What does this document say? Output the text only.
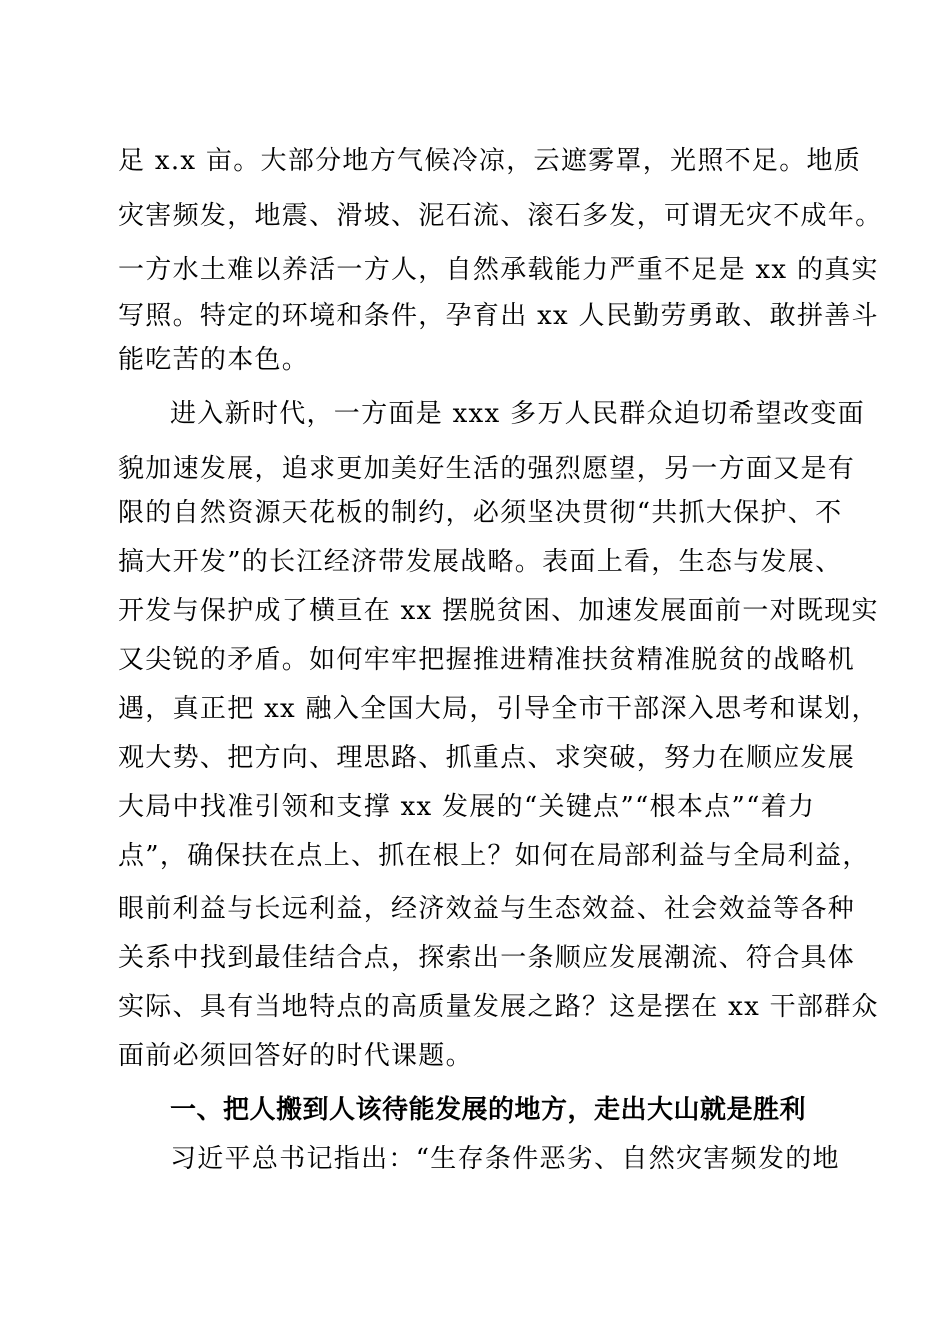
足 x.x 亩。大部分地方气候冷凉，云遮雾罩，光照不足。地质
灾害频发，地震、滑坡、泥石流、滚石多发，可谓无灾不成年。
一方水土难以养活一方人，自然承载能力严重不足是 xx 的真实
写照。特定的环境和条件，孕育出 xx 人民勤劳勇敢、敢拼善斗
能吃苦的本色。
进入新时代，一方面是 xxx 多万人民群众迫切希望改变面
貌加速发展，追求更加美好生活的强烈愿望，另一方面又是有
限的自然资源天花板的制约，必须坚决贯彻“共抓大保护、不
搞大开发”的长江经济带发展战略。表面上看，生态与发展、
开发与保护成了横亘在 xx 摆脱贫困、加速发展面前一对既现实
又尖锐的矛盾。如何牢牢把握推进精准扶贫精准脱贫的战略机
遇，真正把 xx 融入全国大局，引导全市干部深入思考和谋划，
观大势、把方向、理思路、抓重点、求突破，努力在顺应发展
大局中找准引领和支撑 xx 发展的“关键点”“根本点”“着力
点”，确保扶在点上、抓在根上？如何在局部利益与全局利益，
眼前利益与长远利益，经济效益与生态效益、社会效益等各种
关系中找到最佳结合点，探索出一条顺应发展潮流、符合具体
实际、具有当地特点的高质量发展之路？这是摆在 xx 干部群众
面前必须回答好的时代课题。
一、把人搬到人该待能发展的地方，走出大山就是胜利
习近平总书记指出：“生存条件恶劣、自然灾害频发的地
